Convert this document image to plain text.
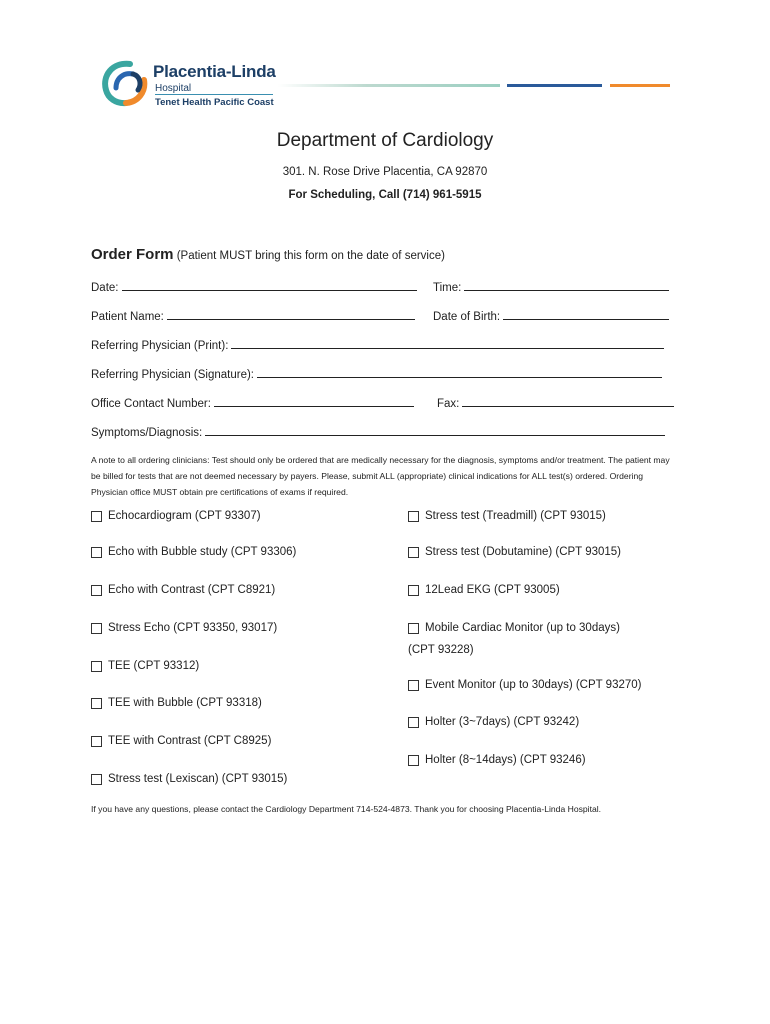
Placentia-Linda
Hospital
Tenet Health Pacific Coast
Department of Cardiology
301. N. Rose Drive Placentia, CA 92870
For Scheduling, Call (714) 961-5915
Order Form (Patient MUST bring this form on the date of service)
Date:	Time:
Patient Name:	Date of Birth:
Referring Physician (Print):
Referring Physician (Signature):
Office Contact Number:	Fax:
Symptoms/Diagnosis:
A note to all ordering clinicians: Test should only be ordered that are medically necessary for the diagnosis, symptoms and/or treatment. The patient may be billed for tests that are not deemed necessary by payers. Please, submit ALL (appropriate) clinical indications for ALL test(s) ordered. Ordering Physician office MUST obtain pre certifications of exams if required.
Echocardiogram (CPT 93307)
Echo with Bubble study (CPT 93306)
Echo with Contrast (CPT C8921)
Stress Echo (CPT 93350, 93017)
TEE (CPT 93312)
TEE with Bubble (CPT 93318)
TEE with Contrast (CPT C8925)
Stress test (Lexiscan) (CPT 93015)
Stress test (Treadmill) (CPT 93015)
Stress test (Dobutamine) (CPT 93015)
12Lead EKG (CPT 93005)
Mobile Cardiac Monitor (up to 30days)
(CPT 93228)
Event Monitor (up to 30days) (CPT 93270)
Holter (3~7days) (CPT 93242)
Holter (8~14days) (CPT 93246)
If you have any questions, please contact the Cardiology Department 714-524-4873. Thank you for choosing Placentia-Linda Hospital.
